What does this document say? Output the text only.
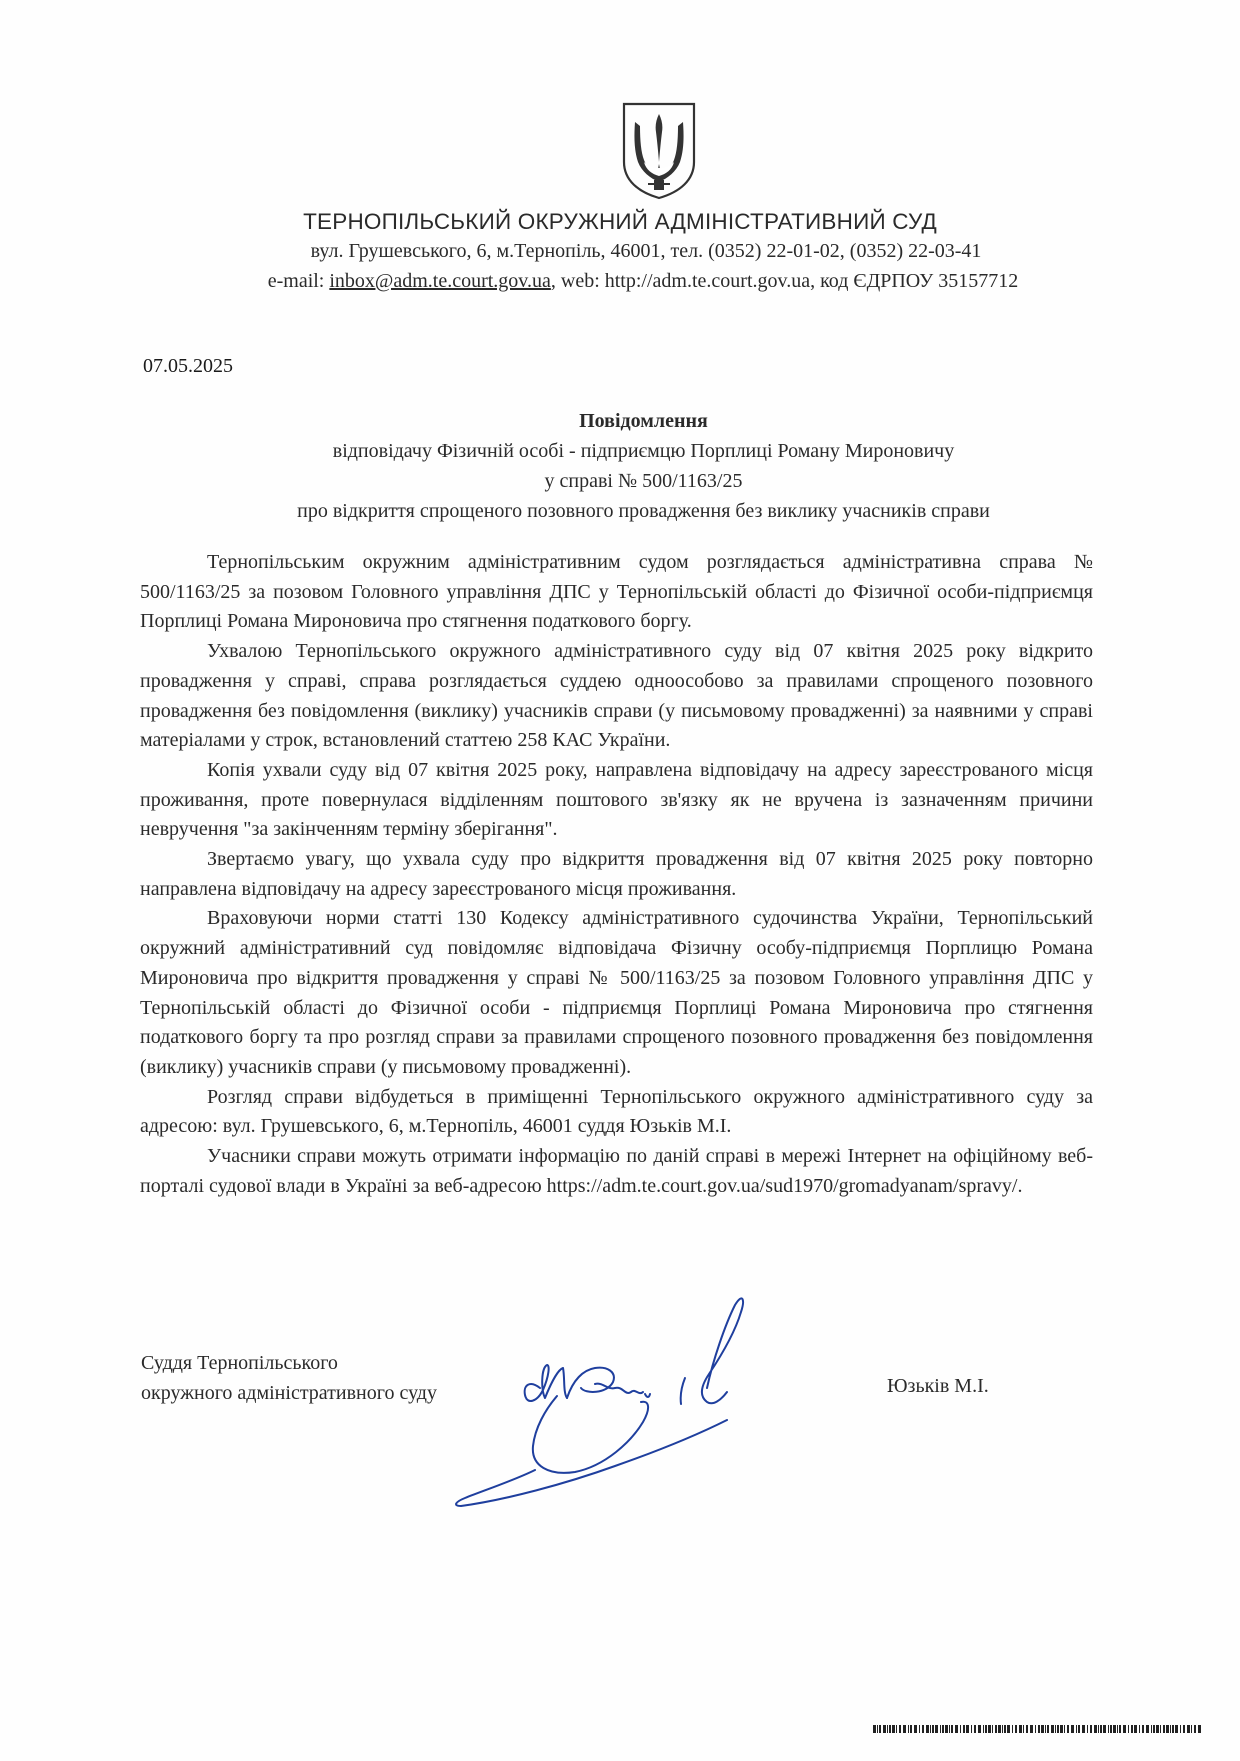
ТЕРНОПІЛЬСЬКИЙ ОКРУЖНИЙ АДМІНІСТРАТИВНИЙ СУД
вул. Грушевського, 6, м.Тернопіль, 46001, тел. (0352) 22-01-02, (0352) 22-03-41
e-mail: inbox@adm.te.court.gov.ua, web: http://adm.te.court.gov.ua, код ЄДРПОУ 35157712
07.05.2025
Повідомлення
відповідачу Фізичній особі - підприємцю Порплиці Роману Мироновичу
у справі № 500/1163/25
про відкриття спрощеного позовного провадження без виклику учасників справи

Тернопільським окружним адміністративним судом розглядається адміністративна справа № 500/1163/25 за позовом Головного управління ДПС у Тернопільській області до Фізичної особи-підприємця Порплиці Романа Мироновича про стягнення податкового боргу.

Ухвалою Тернопільського окружного адміністративного суду від 07 квітня 2025 року відкрито провадження у справі, справа розглядається суддею одноособово за правилами спрощеного позовного провадження без повідомлення (виклику) учасників справи (у письмовому провадженні) за наявними у справі матеріалами у строк, встановлений статтею 258 КАС України.

Копія ухвали суду від 07 квітня 2025 року, направлена відповідачу на адресу зареєстрованого місця проживання, проте повернулася відділенням поштового зв'язку як не вручена із зазначенням причини невручення "за закінченням терміну зберігання".

Звертаємо увагу, що ухвала суду про відкриття провадження від 07 квітня 2025 року повторно направлена відповідачу на адресу зареєстрованого місця проживання.

Враховуючи норми статті 130 Кодексу адміністративного судочинства України, Тернопільський окружний адміністративний суд повідомляє відповідача Фізичну особу-підприємця Порплицю Романа Мироновича про відкриття провадження у справі № 500/1163/25 за позовом Головного управління ДПС у Тернопільській області до Фізичної особи - підприємця Порплиці Романа Мироновича про стягнення податкового боргу та про розгляд справи за правилами спрощеного позовного провадження без повідомлення (виклику) учасників справи (у письмовому провадженні).

Розгляд справи відбудеться в приміщенні Тернопільського окружного адміністративного суду за адресою: вул. Грушевського, 6, м.Тернопіль, 46001 суддя Юзьків М.І.

Учасники справи можуть отримати інформацію по даній справі в мережі Інтернет на офіційному веб-порталі судової влади в Україні за веб-адресою https://adm.te.court.gov.ua/sud1970/gromadyanam/spravy/.

Суддя Тернопільського
окружного адміністративного суду	Юзьків М.І.
